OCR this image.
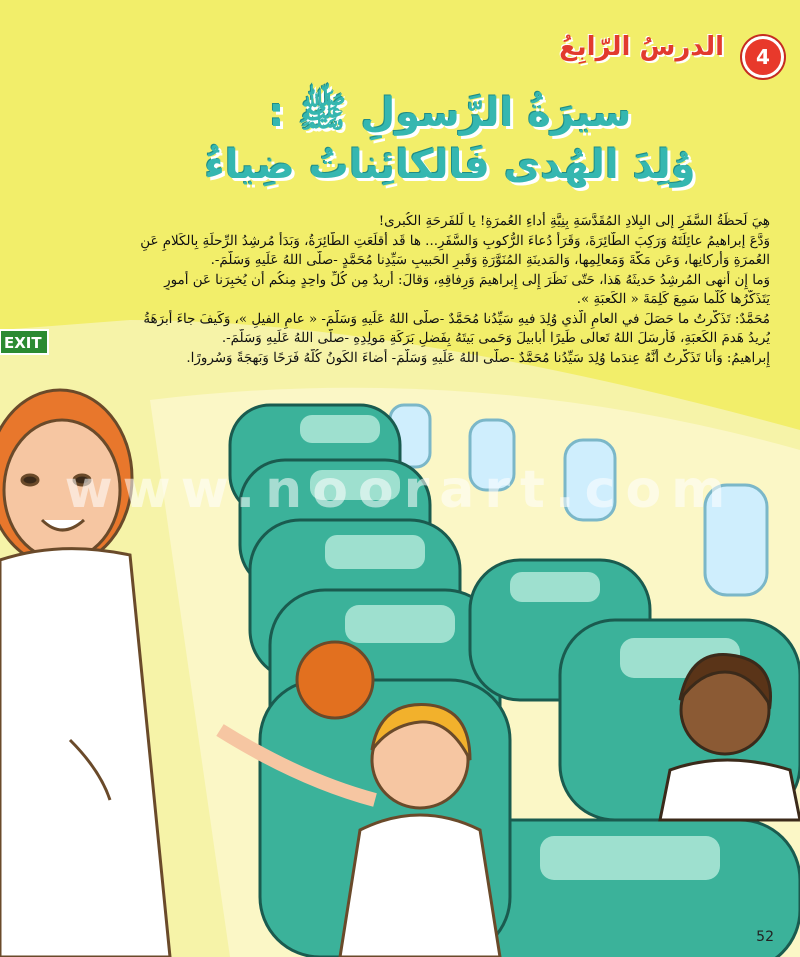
EXIT
4
الدرسُ الرّابِعُ
سيرَةُ الرَّسولِ ﷺ :
وُلِدَ الهُدى فَالكائِناتُ ضِياءُ

هِيَ لَحظَةُ السَّفَرِ إلى البِلادِ المُقَدَّسَةِ بِنِيَّةِ أَداءِ العُمرَةِ! يا لَلفَرحَةِ الكُبرى!

وَدَّعَ إبراهيمُ عائِلَتَهُ وَرَكِبَ الطّائِرَةَ، وَقَرَأَ دُعاءَ الرُّكوبِ وَالسَّفَرِ... ها قَد أَقلَعَتِ الطّائِرَةُ، وَبَدَأَ مُرشِدُ الرِّحلَةِ بِالكَلامِ عَنِ

العُمرَةِ وَأَركانِها، وَعَن مَكَّةَ وَمَعالِمِها، وَالمَدينَةِ المُنَوَّرَةِ وَقَبرِ الحَبيبِ سَيِّدِنا مُحَمَّدٍ -صلّى اللهُ عَلَيهِ وَسَلَّمَ-.

وَما إِن أَنهى المُرشِدُ حَديثَهُ هَذا، حَتّى نَظَرَ إِلى إِبراهيمَ وَرِفاقِهِ، وَقالَ: أُريدُ مِن كُلِّ واحِدٍ مِنكُم أَن يُخبِرَنا عَن أُمورٍ

يَتَذَكَّرُها كُلَّما سَمِعَ كَلِمَةَ « الكَعبَةِ ».

مُحَمَّدٌ: تَذَكَّرتُ ما حَصَلَ في العامِ الَّذي وُلِدَ فيهِ سَيِّدُنا مُحَمَّدٌ -صلّى اللهُ عَلَيهِ وَسَلَّمَ- « عامِ الفيلِ »، وَكَيفَ جاءَ أَبرَهَةُ

يُريدُ هَدمَ الكَعبَةِ، فَأَرسَلَ اللهُ تَعالى طَيرًا أَبابيلَ وَحَمى بَيتَهُ بِفَضلِ بَرَكَةِ مَولِدِهِ -صلّى اللهُ عَلَيهِ وَسَلَّمَ-.

إِبراهيمُ: وَأَنا تَذَكَّرتُ أَنَّهُ عِندَما وُلِدَ سَيِّدُنا مُحَمَّدٌ -صلّى اللهُ عَلَيهِ وَسَلَّمَ- أَضاءَ الكَونُ كُلُّهُ فَرَحًا وَبَهجَةً وَسُرورًا.

www.noorart.com
52
